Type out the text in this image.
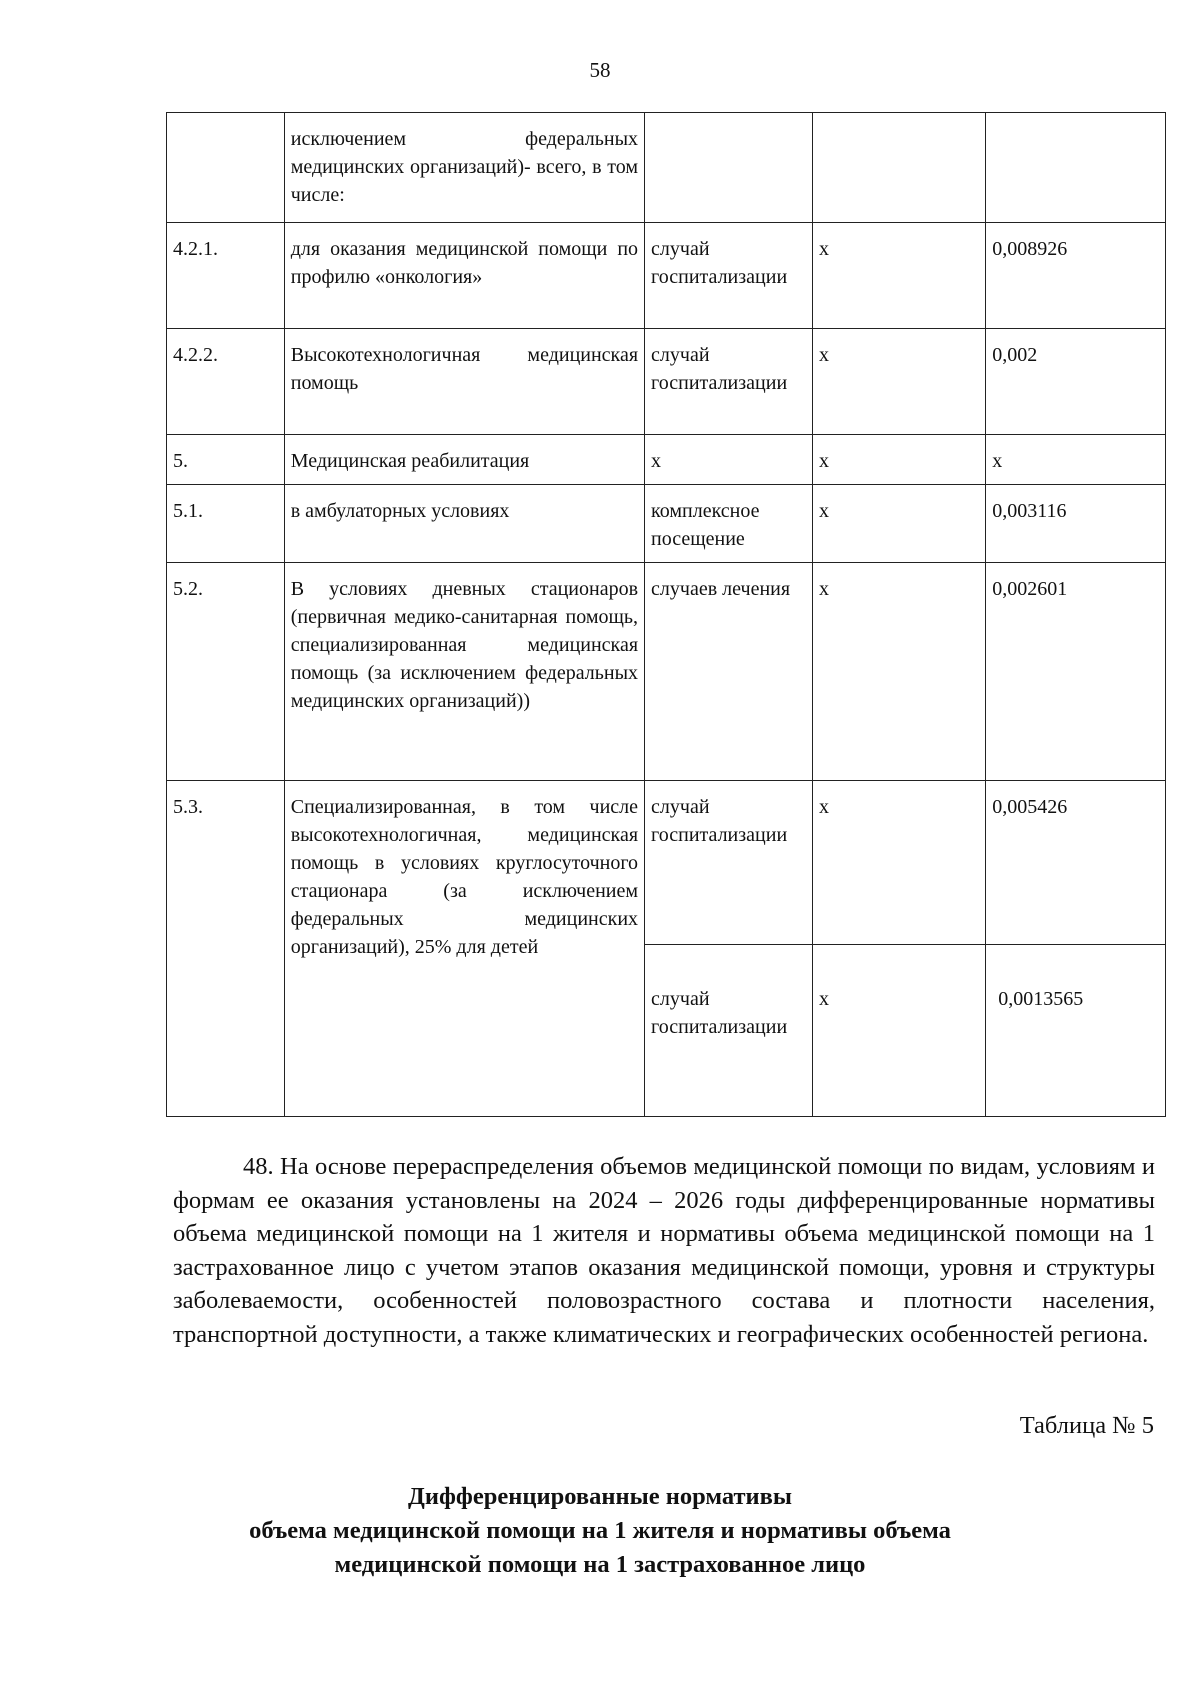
58
	исключением федеральных медицинских организаций)- всего, в том числе:			
4.2.1.	для оказания медицинской помощи по профилю «онкология»	случай госпитализации	х	0,008926
4.2.2.	Высокотехнологичная медицинская помощь	случай госпитализации	х	0,002
5.	Медицинская реабилитация	х	х	х
5.1.	в амбулаторных условиях	комплексное посещение	х	0,003116
5.2.	В условиях дневных стационаров (первичная медико-санитарная помощь, специализированная медицинская помощь (за исключением федеральных медицинских организаций))	случаев лечения	х	0,002601
5.3.	Специализированная, в том числе высокотехнологичная, медицинская помощь в условиях круглосуточного стационара (за исключением федеральных медицинских организаций), 25% для детей	случай госпитализации	х	0,005426
		случай госпитализации	х	0,0013565

48. На основе перераспределения объемов медицинской помощи по видам, условиям и формам ее оказания установлены на 2024 – 2026 годы дифференцированные нормативы объема медицинской помощи на 1 жителя и нормативы объема медицинской помощи на 1 застрахованное лицо с учетом этапов оказания медицинской помощи, уровня и структуры заболеваемости, особенностей половозрастного состава и плотности населения, транспортной доступности, а также климатических и географических особенностей региона.

Таблица № 5
Дифференцированные нормативы
объема медицинской помощи на 1 жителя и нормативы объема
медицинской помощи на 1 застрахованное лицо
